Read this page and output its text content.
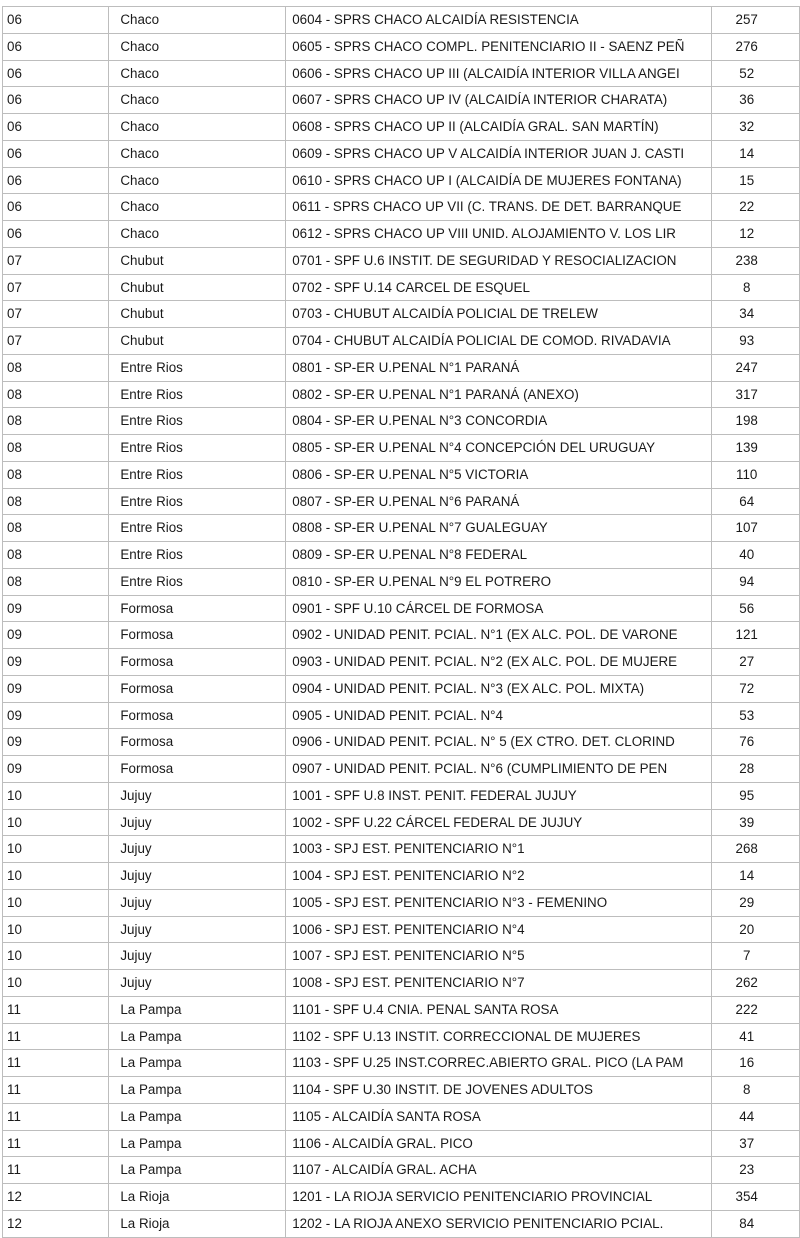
06	Chaco	0604 - SPRS CHACO ALCAIDÍA RESISTENCIA	257
06	Chaco	0605 - SPRS CHACO COMPL. PENITENCIARIO II - SAENZ PEÑ	276
06	Chaco	0606 - SPRS CHACO UP III (ALCAIDÍA INTERIOR VILLA ANGEI	52
06	Chaco	0607 - SPRS CHACO UP IV (ALCAIDÍA INTERIOR CHARATA)	36
06	Chaco	0608 - SPRS CHACO UP II (ALCAIDÍA GRAL. SAN MARTÍN)	32
06	Chaco	0609 - SPRS CHACO UP V ALCAIDÍA INTERIOR JUAN J. CASTI	14
06	Chaco	0610 - SPRS CHACO UP I (ALCAIDÍA DE MUJERES FONTANA)	15
06	Chaco	0611 - SPRS CHACO UP VII (C. TRANS. DE DET. BARRANQUE	22
06	Chaco	0612 - SPRS CHACO UP VIII UNID. ALOJAMIENTO V. LOS LIR	12
07	Chubut	0701 - SPF U.6 INSTIT. DE SEGURIDAD Y RESOCIALIZACION	238
07	Chubut	0702 - SPF U.14 CARCEL DE ESQUEL	8
07	Chubut	0703 - CHUBUT ALCAIDÍA POLICIAL DE TRELEW	34
07	Chubut	0704 - CHUBUT ALCAIDÍA POLICIAL DE COMOD. RIVADAVIA	93
08	Entre Rios	0801 - SP-ER U.PENAL N°1 PARANÁ	247
08	Entre Rios	0802 - SP-ER U.PENAL N°1 PARANÁ (ANEXO)	317
08	Entre Rios	0804 - SP-ER U.PENAL N°3 CONCORDIA	198
08	Entre Rios	0805 - SP-ER U.PENAL N°4 CONCEPCIÓN DEL URUGUAY	139
08	Entre Rios	0806 - SP-ER U.PENAL N°5 VICTORIA	110
08	Entre Rios	0807 - SP-ER U.PENAL N°6 PARANÁ	64
08	Entre Rios	0808 - SP-ER U.PENAL N°7 GUALEGUAY	107
08	Entre Rios	0809 - SP-ER U.PENAL N°8 FEDERAL	40
08	Entre Rios	0810 - SP-ER U.PENAL N°9 EL POTRERO	94
09	Formosa	0901 - SPF U.10 CÁRCEL DE FORMOSA	56
09	Formosa	0902 - UNIDAD PENIT. PCIAL. N°1 (EX ALC. POL. DE VARONE	121
09	Formosa	0903 - UNIDAD PENIT. PCIAL. N°2 (EX ALC. POL. DE MUJERE	27
09	Formosa	0904 - UNIDAD PENIT. PCIAL. N°3 (EX ALC. POL. MIXTA)	72
09	Formosa	0905 - UNIDAD PENIT. PCIAL. N°4	53
09	Formosa	0906 - UNIDAD PENIT. PCIAL. N° 5 (EX CTRO. DET. CLORIND	76
09	Formosa	0907 - UNIDAD PENIT. PCIAL. N°6 (CUMPLIMIENTO DE PEN	28
10	Jujuy	1001 - SPF U.8 INST. PENIT. FEDERAL JUJUY	95
10	Jujuy	1002 - SPF U.22 CÁRCEL FEDERAL DE JUJUY	39
10	Jujuy	1003 - SPJ EST. PENITENCIARIO N°1	268
10	Jujuy	1004 - SPJ EST. PENITENCIARIO N°2	14
10	Jujuy	1005 - SPJ EST. PENITENCIARIO N°3 - FEMENINO	29
10	Jujuy	1006 - SPJ EST. PENITENCIARIO N°4	20
10	Jujuy	1007 - SPJ EST. PENITENCIARIO N°5	7
10	Jujuy	1008 - SPJ EST. PENITENCIARIO N°7	262
11	La Pampa	1101 - SPF U.4 CNIA. PENAL SANTA ROSA	222
11	La Pampa	1102 - SPF U.13 INSTIT. CORRECCIONAL DE MUJERES	41
11	La Pampa	1103 - SPF U.25 INST.CORREC.ABIERTO GRAL. PICO (LA PAM	16
11	La Pampa	1104 - SPF U.30 INSTIT. DE JOVENES ADULTOS	8
11	La Pampa	1105 - ALCAIDÍA SANTA ROSA	44
11	La Pampa	1106 - ALCAIDÍA GRAL. PICO	37
11	La Pampa	1107 - ALCAIDÍA GRAL. ACHA	23
12	La Rioja	1201 - LA RIOJA SERVICIO PENITENCIARIO PROVINCIAL	354
12	La Rioja	1202 - LA RIOJA ANEXO SERVICIO PENITENCIARIO PCIAL.	84
